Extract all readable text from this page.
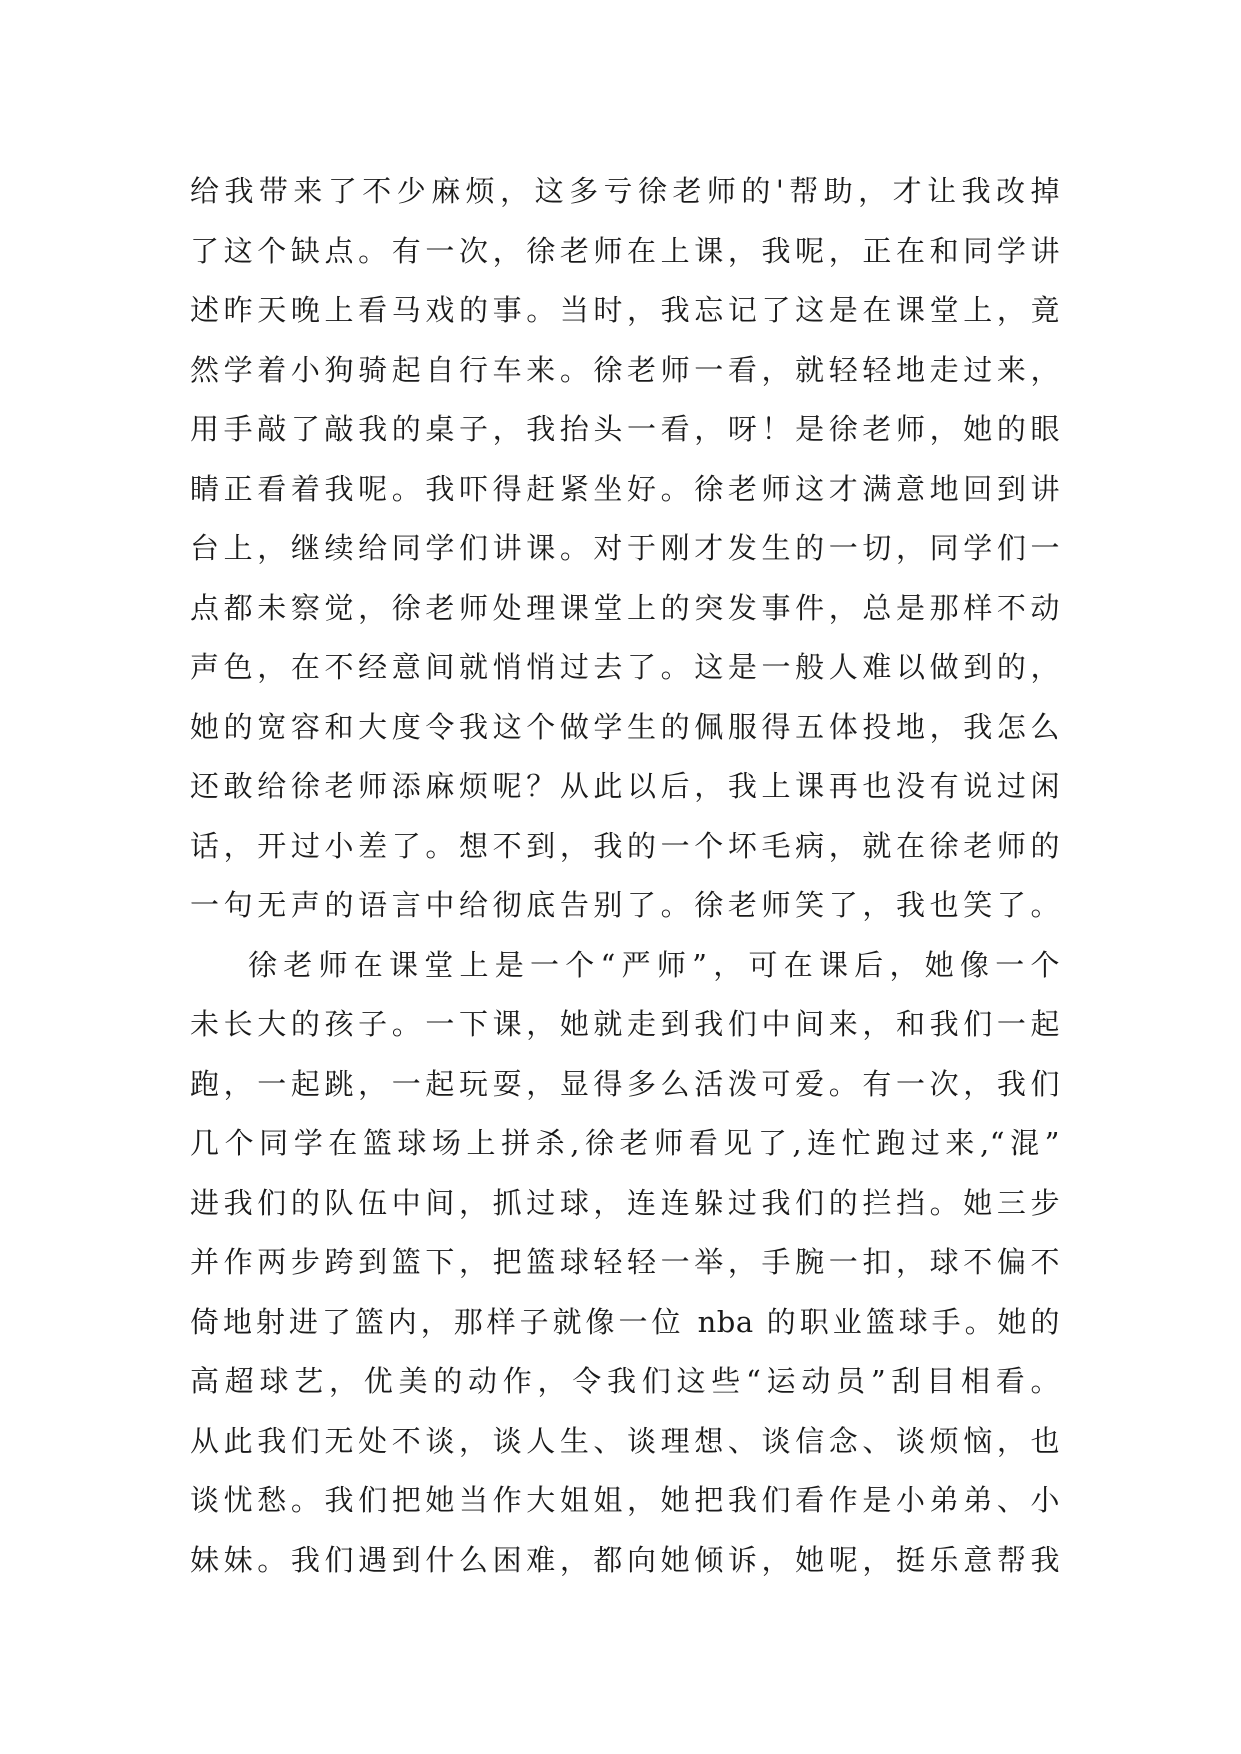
给我带来了不少麻烦，这多亏徐老师的'帮助，才让我改掉
了这个缺点。有一次，徐老师在上课，我呢，正在和同学讲
述昨天晚上看马戏的事。当时，我忘记了这是在课堂上，竟
然学着小狗骑起自行车来。徐老师一看，就轻轻地走过来，
用手敲了敲我的桌子，我抬头一看，呀！是徐老师，她的眼
睛正看着我呢。我吓得赶紧坐好。徐老师这才满意地回到讲
台上，继续给同学们讲课。对于刚才发生的一切，同学们一
点都未察觉，徐老师处理课堂上的突发事件，总是那样不动
声色，在不经意间就悄悄过去了。这是一般人难以做到的，
她的宽容和大度令我这个做学生的佩服得五体投地，我怎么
还敢给徐老师添麻烦呢？从此以后，我上课再也没有说过闲
话，开过小差了。想不到，我的一个坏毛病，就在徐老师的
一句无声的语言中给彻底告别了。徐老师笑了，我也笑了。
徐老师在课堂上是一个“严师”，可在课后，她像一个
未长大的孩子。一下课，她就走到我们中间来，和我们一起
跑，一起跳，一起玩耍，显得多么活泼可爱。有一次，我们
几个同学在篮球场上拼杀,徐老师看见了,连忙跑过来,“混”
进我们的队伍中间，抓过球，连连躲过我们的拦挡。她三步
并作两步跨到篮下，把篮球轻轻一举，手腕一扣，球不偏不
倚地射进了篮内，那样子就像一位 nba 的职业篮球手。她的
高超球艺，优美的动作，令我们这些“运动员”刮目相看。
从此我们无处不谈，谈人生、谈理想、谈信念、谈烦恼，也
谈忧愁。我们把她当作大姐姐，她把我们看作是小弟弟、小
妹妹。我们遇到什么困难，都向她倾诉，她呢，挺乐意帮我
